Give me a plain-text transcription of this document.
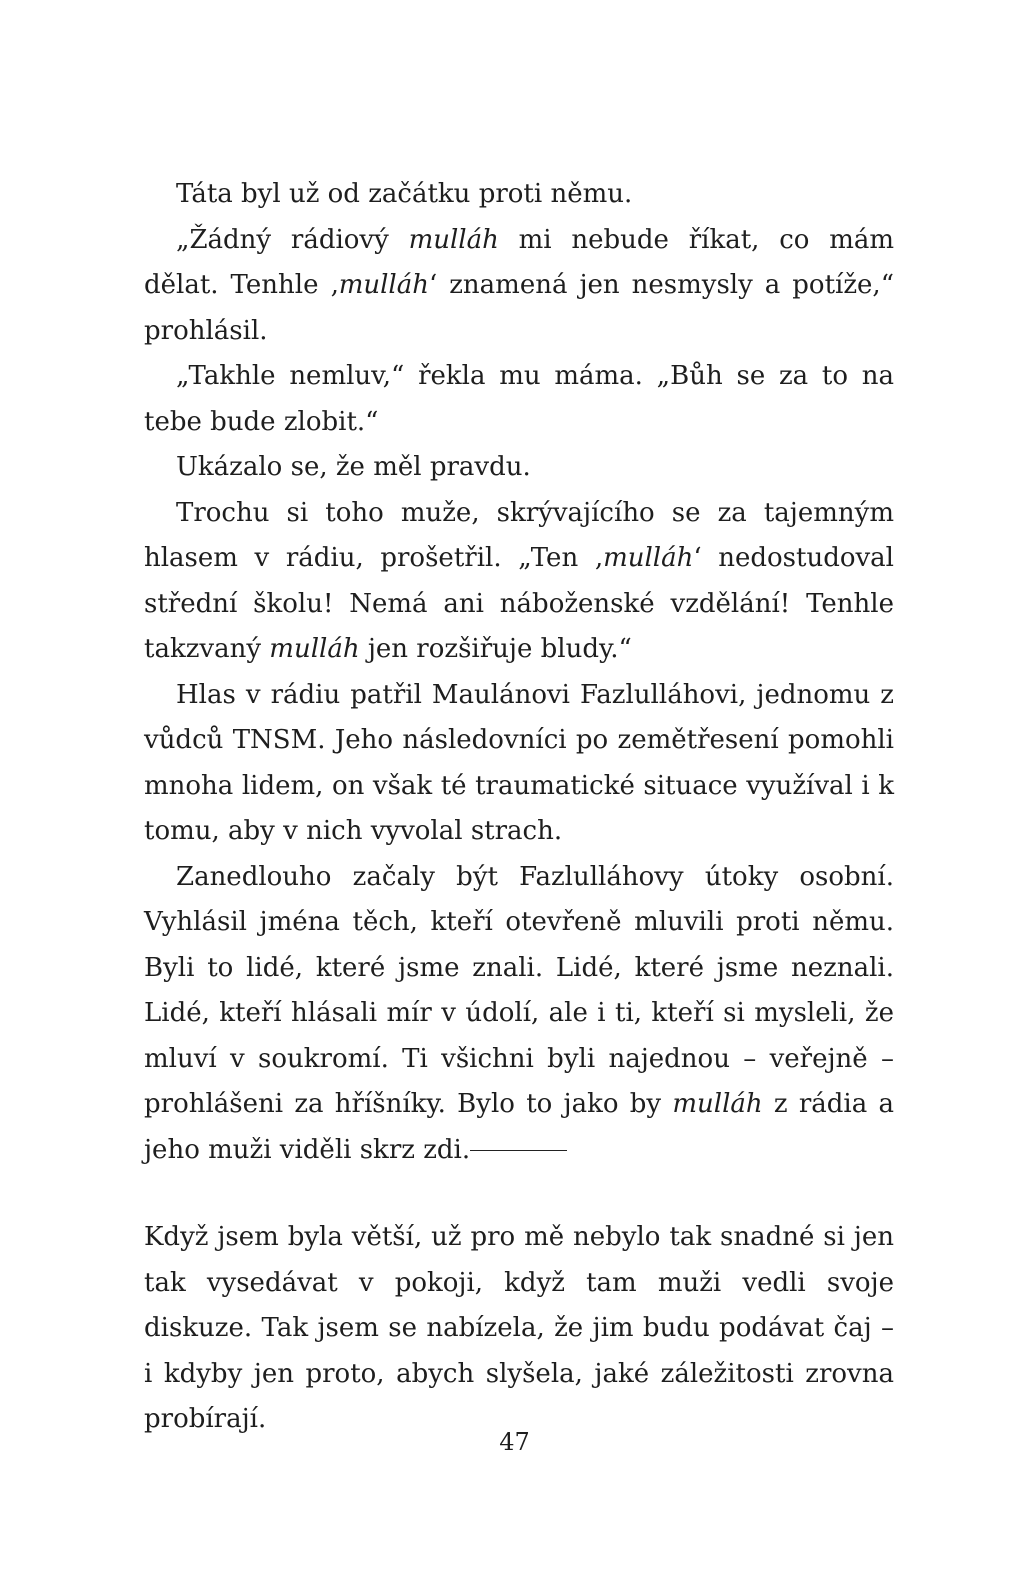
Táta byl už od začátku proti němu.

„Žádný rádiový mulláh mi nebude říkat, co mám dělat. Tenhle ‚mulláh‘ znamená jen nesmysly a potíže,“ prohlásil.

„Takhle nemluv,“ řekla mu máma. „Bůh se za to na tebe bude zlobit.“

Ukázalo se, že měl pravdu.

Trochu si toho muže, skrývajícího se za tajemným hlasem v rádiu, prošetřil. „Ten ‚mulláh‘ nedostudoval střední školu! Nemá ani náboženské vzdělání! Tenhle takzvaný mulláh jen rozšiřuje bludy.“

Hlas v rádiu patřil Maulánovi Fazlulláhovi, jednomu z vůdců TNSM. Jeho následovníci po zemětřesení pomohli mnoha lidem, on však té traumatické situace využíval i k tomu, aby v nich vyvolal strach.

Zanedlouho začaly být Fazlulláhovy útoky osobní. Vyhlásil jména těch, kteří otevřeně mluvili proti němu. Byli to lidé, které jsme znali. Lidé, které jsme neznali. Lidé, kteří hlásali mír v údolí, ale i ti, kteří si mysleli, že mluví v soukromí. Ti všichni byli najednou – veřejně – prohlášeni za hříšníky. Bylo to jako by mulláh z rádia a jeho muži viděli skrz zdi.

Když jsem byla větší, už pro mě nebylo tak snadné si jen tak vysedávat v pokoji, když tam muži vedli svoje diskuze. Tak jsem se nabízela, že jim budu podávat čaj – i kdyby jen proto, abych slyšela, jaké záležitosti zrovna probírají.

47
